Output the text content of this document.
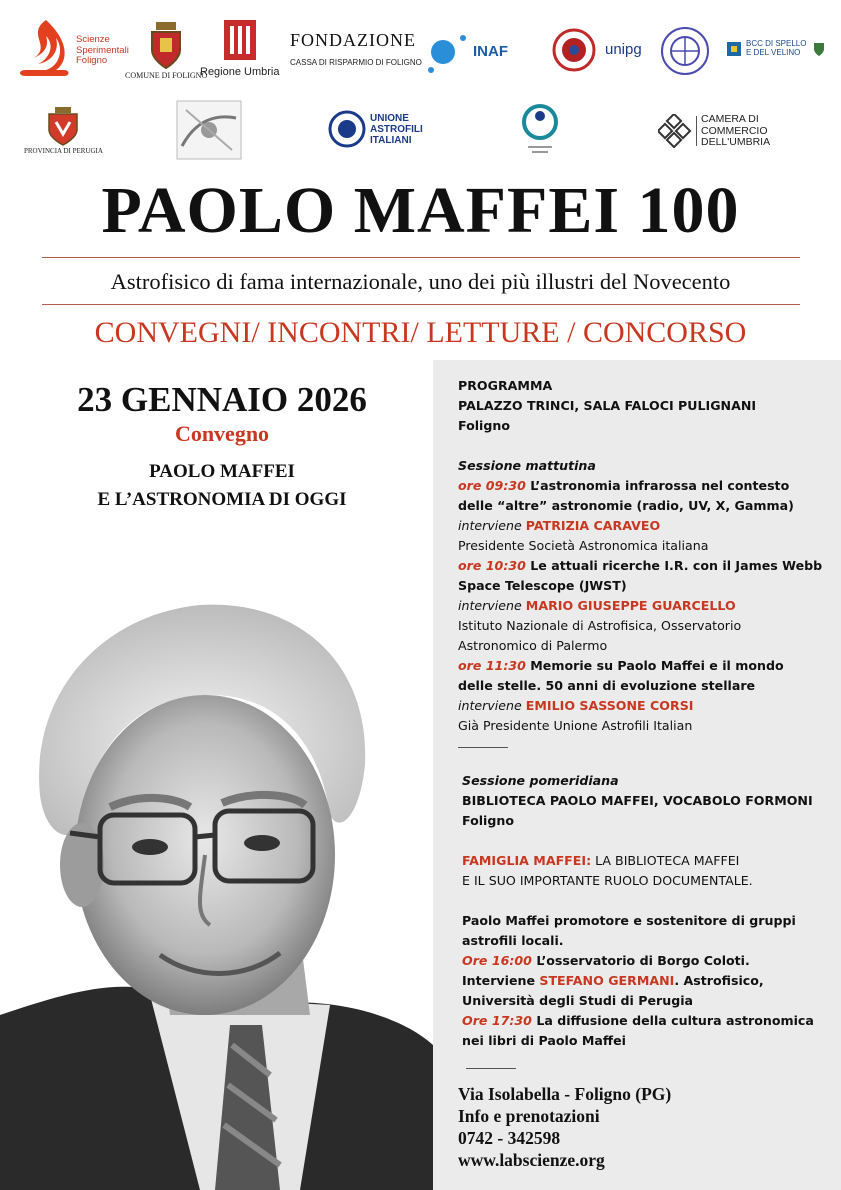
Scienze Sperimentali Foligno
COMUNE DI FOLIGNO
Regione Umbria
FONDAZIONE
CASSA DI RISPARMIO DI FOLIGNO
INAF	unipg	BCC DI SPELLO E DEL VELINO
PROVINCIA DI PERUGIA
UNIONE ASTROFILI ITALIANI
CAMERA DI COMMERCIO DELL'UMBRIA
PAOLO MAFFEI 100
Astrofisico di fama internazionale, uno dei più illustri del Novecento
CONVEGNI/ INCONTRI/ LETTURE / CONCORSO
23 GENNAIO 2026
Convegno
PAOLO MAFFEI
E L’ASTRONOMIA DI OGGI
PROGRAMMA
PALAZZO TRINCI, SALA FALOCI PULIGNANI
Foligno
Sessione mattutina
ore 09:30 L’astronomia infrarossa nel contesto
delle “altre” astronomie (radio, UV, X, Gamma)
interviene PATRIZIA CARAVEO
Presidente Società Astronomica italiana
ore 10:30 Le attuali ricerche I.R. con il James Webb
Space Telescope (JWST)
interviene MARIO GIUSEPPE GUARCELLO
Istituto Nazionale di Astrofisica, Osservatorio
Astronomico di Palermo
ore 11:30 Memorie su Paolo Maffei e il mondo
delle stelle. 50 anni di evoluzione stellare
interviene EMILIO SASSONE CORSI
Già Presidente Unione Astrofili Italian
Sessione pomeridiana
BIBLIOTECA PAOLO MAFFEI, VOCABOLO FORMONI
Foligno
FAMIGLIA MAFFEI: LA BIBLIOTECA MAFFEI
E IL SUO IMPORTANTE RUOLO DOCUMENTALE.
Paolo Maffei promotore e sostenitore di gruppi
astrofili locali.
Ore 16:00 L’osservatorio di Borgo Coloti.
Interviene STEFANO GERMANI. Astrofisico,
Università degli Studi di Perugia
Ore 17:30 La diffusione della cultura astronomica
nei libri di Paolo Maffei
Via Isolabella - Foligno (PG)
Info e prenotazioni
0742 - 342598
www.labscienze.org
